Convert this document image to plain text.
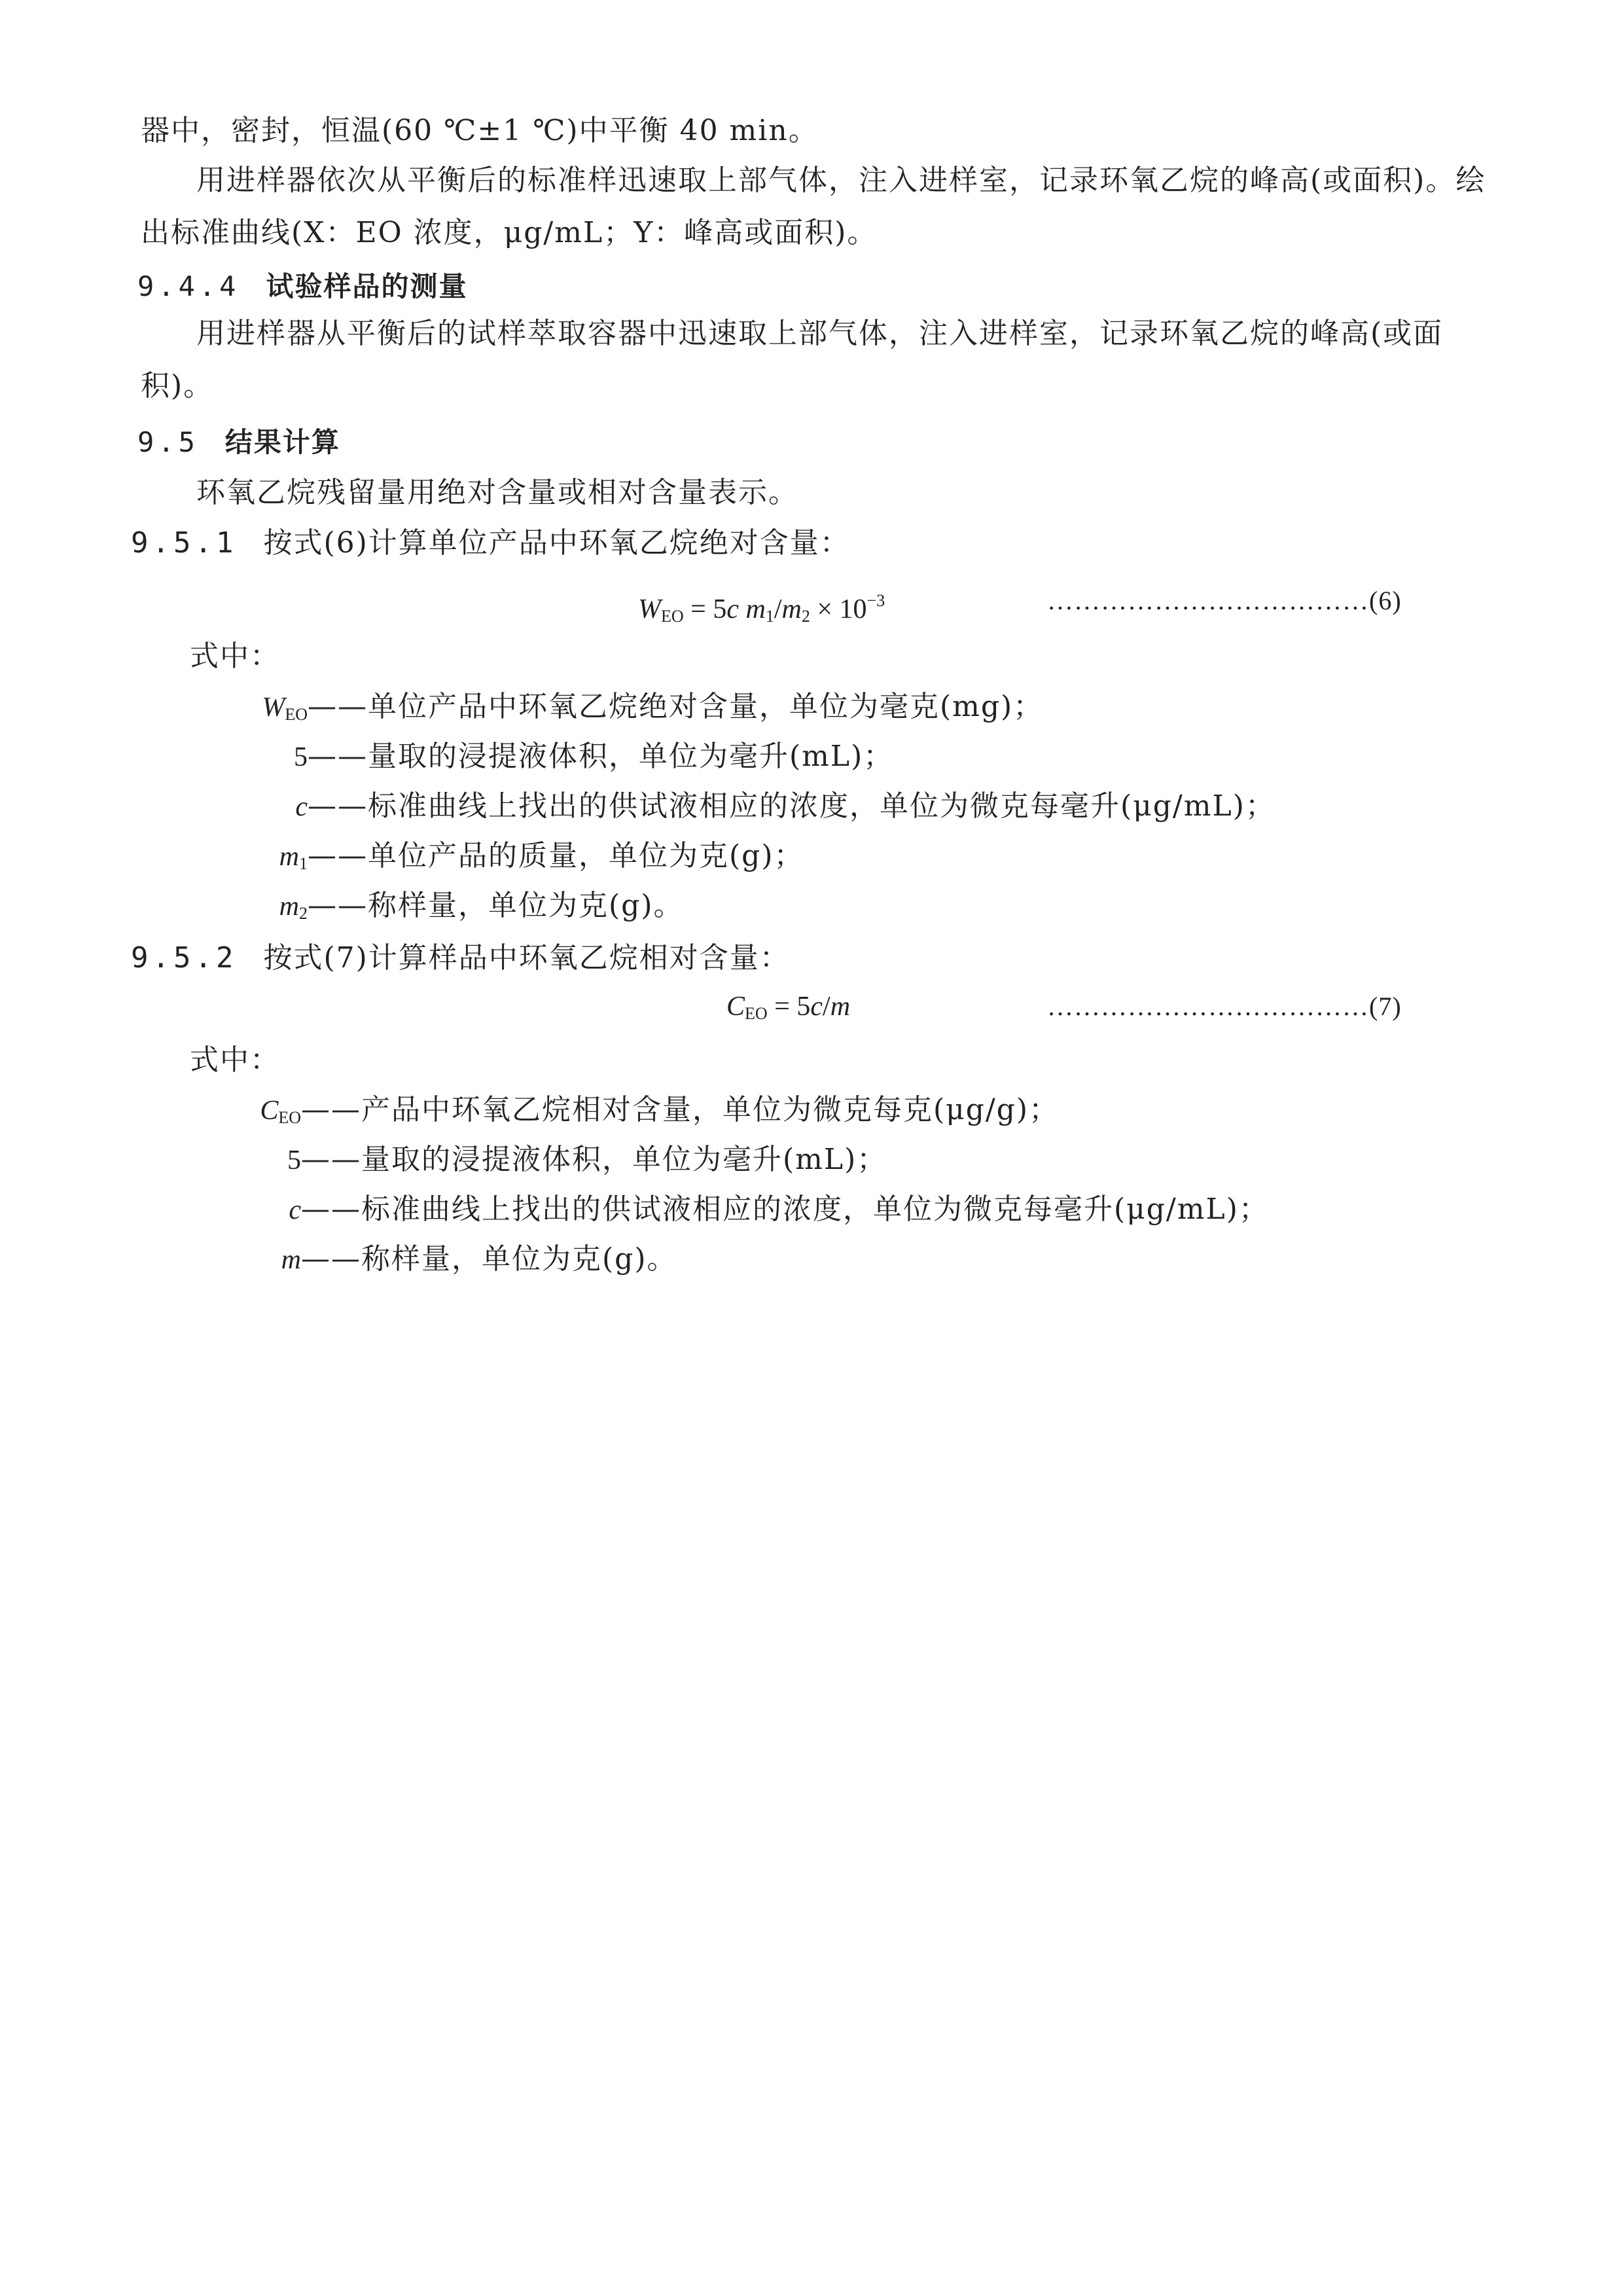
器中，密封，恒温(60 ℃±1 ℃)中平衡 40 min。
用进样器依次从平衡后的标准样迅速取上部气体，注入进样室，记录环氧乙烷的峰高(或面积)。绘
出标准曲线(X：EO 浓度，μg/mL；Y：峰高或面积)。
9.4.4 试验样品的测量
用进样器从平衡后的试样萃取容器中迅速取上部气体，注入进样室，记录环氧乙烷的峰高(或面
积)。
9.5 结果计算
环氧乙烷残留量用绝对含量或相对含量表示。
9.5.1 按式(6)计算单位产品中环氧乙烷绝对含量：
$W_{EO} = 5c$ $m_1/m_2 \times 10^{-3}$	………………………………(6)
式中：
$W_{EO}——$单位产品中环氧乙烷绝对含量，单位为毫克(mg)；
5——量取的浸提液体积，单位为毫升(mL)；
c——标准曲线上找出的供试液相应的浓度，单位为微克每毫升(μg/mL)；
$m_1——$单位产品的质量，单位为克(g)；
$m_2——$称样量，单位为克(g)。
9.5.2 按式(7)计算样品中环氧乙烷相对含量：
$C_{EO} = 5c/m$	………………………………(7)
式中：
$C_{EO}——$产品中环氧乙烷相对含量，单位为微克每克(μg/g)；
5——量取的浸提液体积，单位为毫升(mL)；
c——标准曲线上找出的供试液相应的浓度，单位为微克每毫升(μg/mL)；
m——称样量，单位为克(g)。
